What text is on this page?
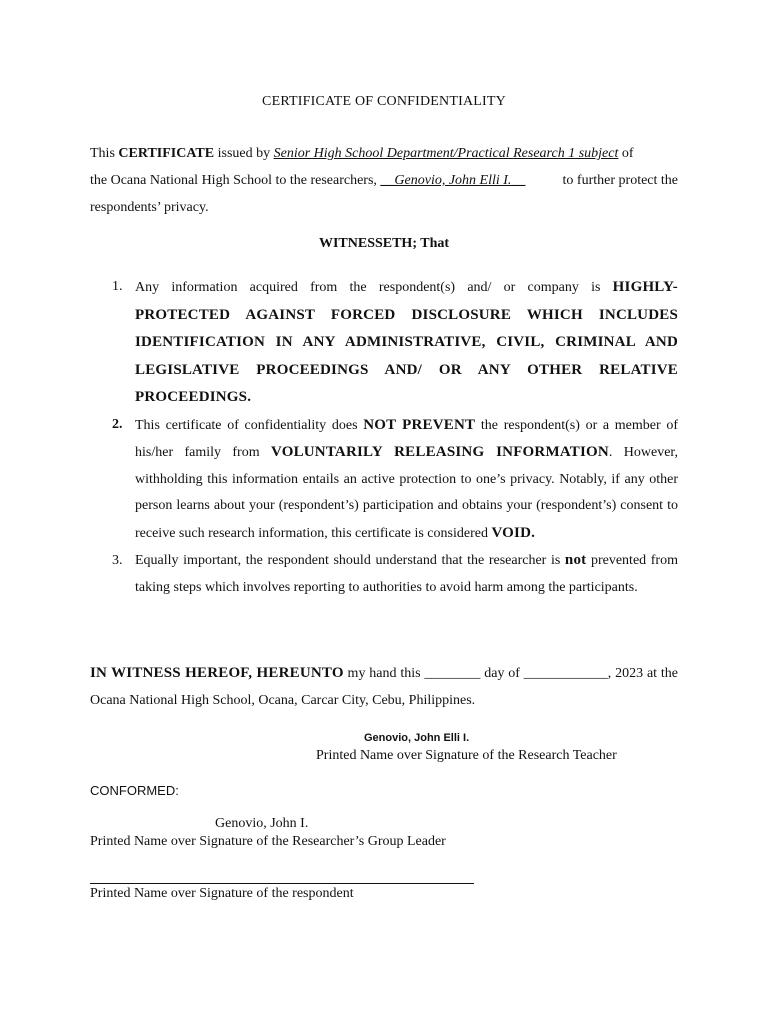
CERTIFICATE OF CONFIDENTIALITY
This CERTIFICATE issued by Senior High School Department/Practical Research 1 subject of
the Ocana National High School to the researchers, __Genovio, John Elli I.__	to further protect the
respondents’ privacy.
WITNESSETH; That
1. Any information acquired from the respondent(s) and/ or company is HIGHLY-PROTECTED AGAINST FORCED DISCLOSURE WHICH INCLUDES IDENTIFICATION IN ANY ADMINISTRATIVE, CIVIL, CRIMINAL AND LEGISLATIVE PROCEEDINGS AND/ OR ANY OTHER RELATIVE PROCEEDINGS.
2. This certificate of confidentiality does NOT PREVENT the respondent(s) or a member of his/her family from VOLUNTARILY RELEASING INFORMATION. However, withholding this information entails an active protection to one’s privacy. Notably, if any other person learns about your (respondent’s) participation and obtains your (respondent’s) consent to receive such research information, this certificate is considered VOID.
3. Equally important, the respondent should understand that the researcher is not prevented from taking steps which involves reporting to authorities to avoid harm among the participants.
IN WITNESS HEREOF, HEREUNTO my hand this ________ day of ____________, 2023 at the Ocana National High School, Ocana, Carcar City, Cebu, Philippines.
Genovio, John Elli I.
Printed Name over Signature of the Research Teacher
CONFORMED:
Genovio, John I.
Printed Name over Signature of the Researcher’s Group Leader
Printed Name over Signature of the respondent
